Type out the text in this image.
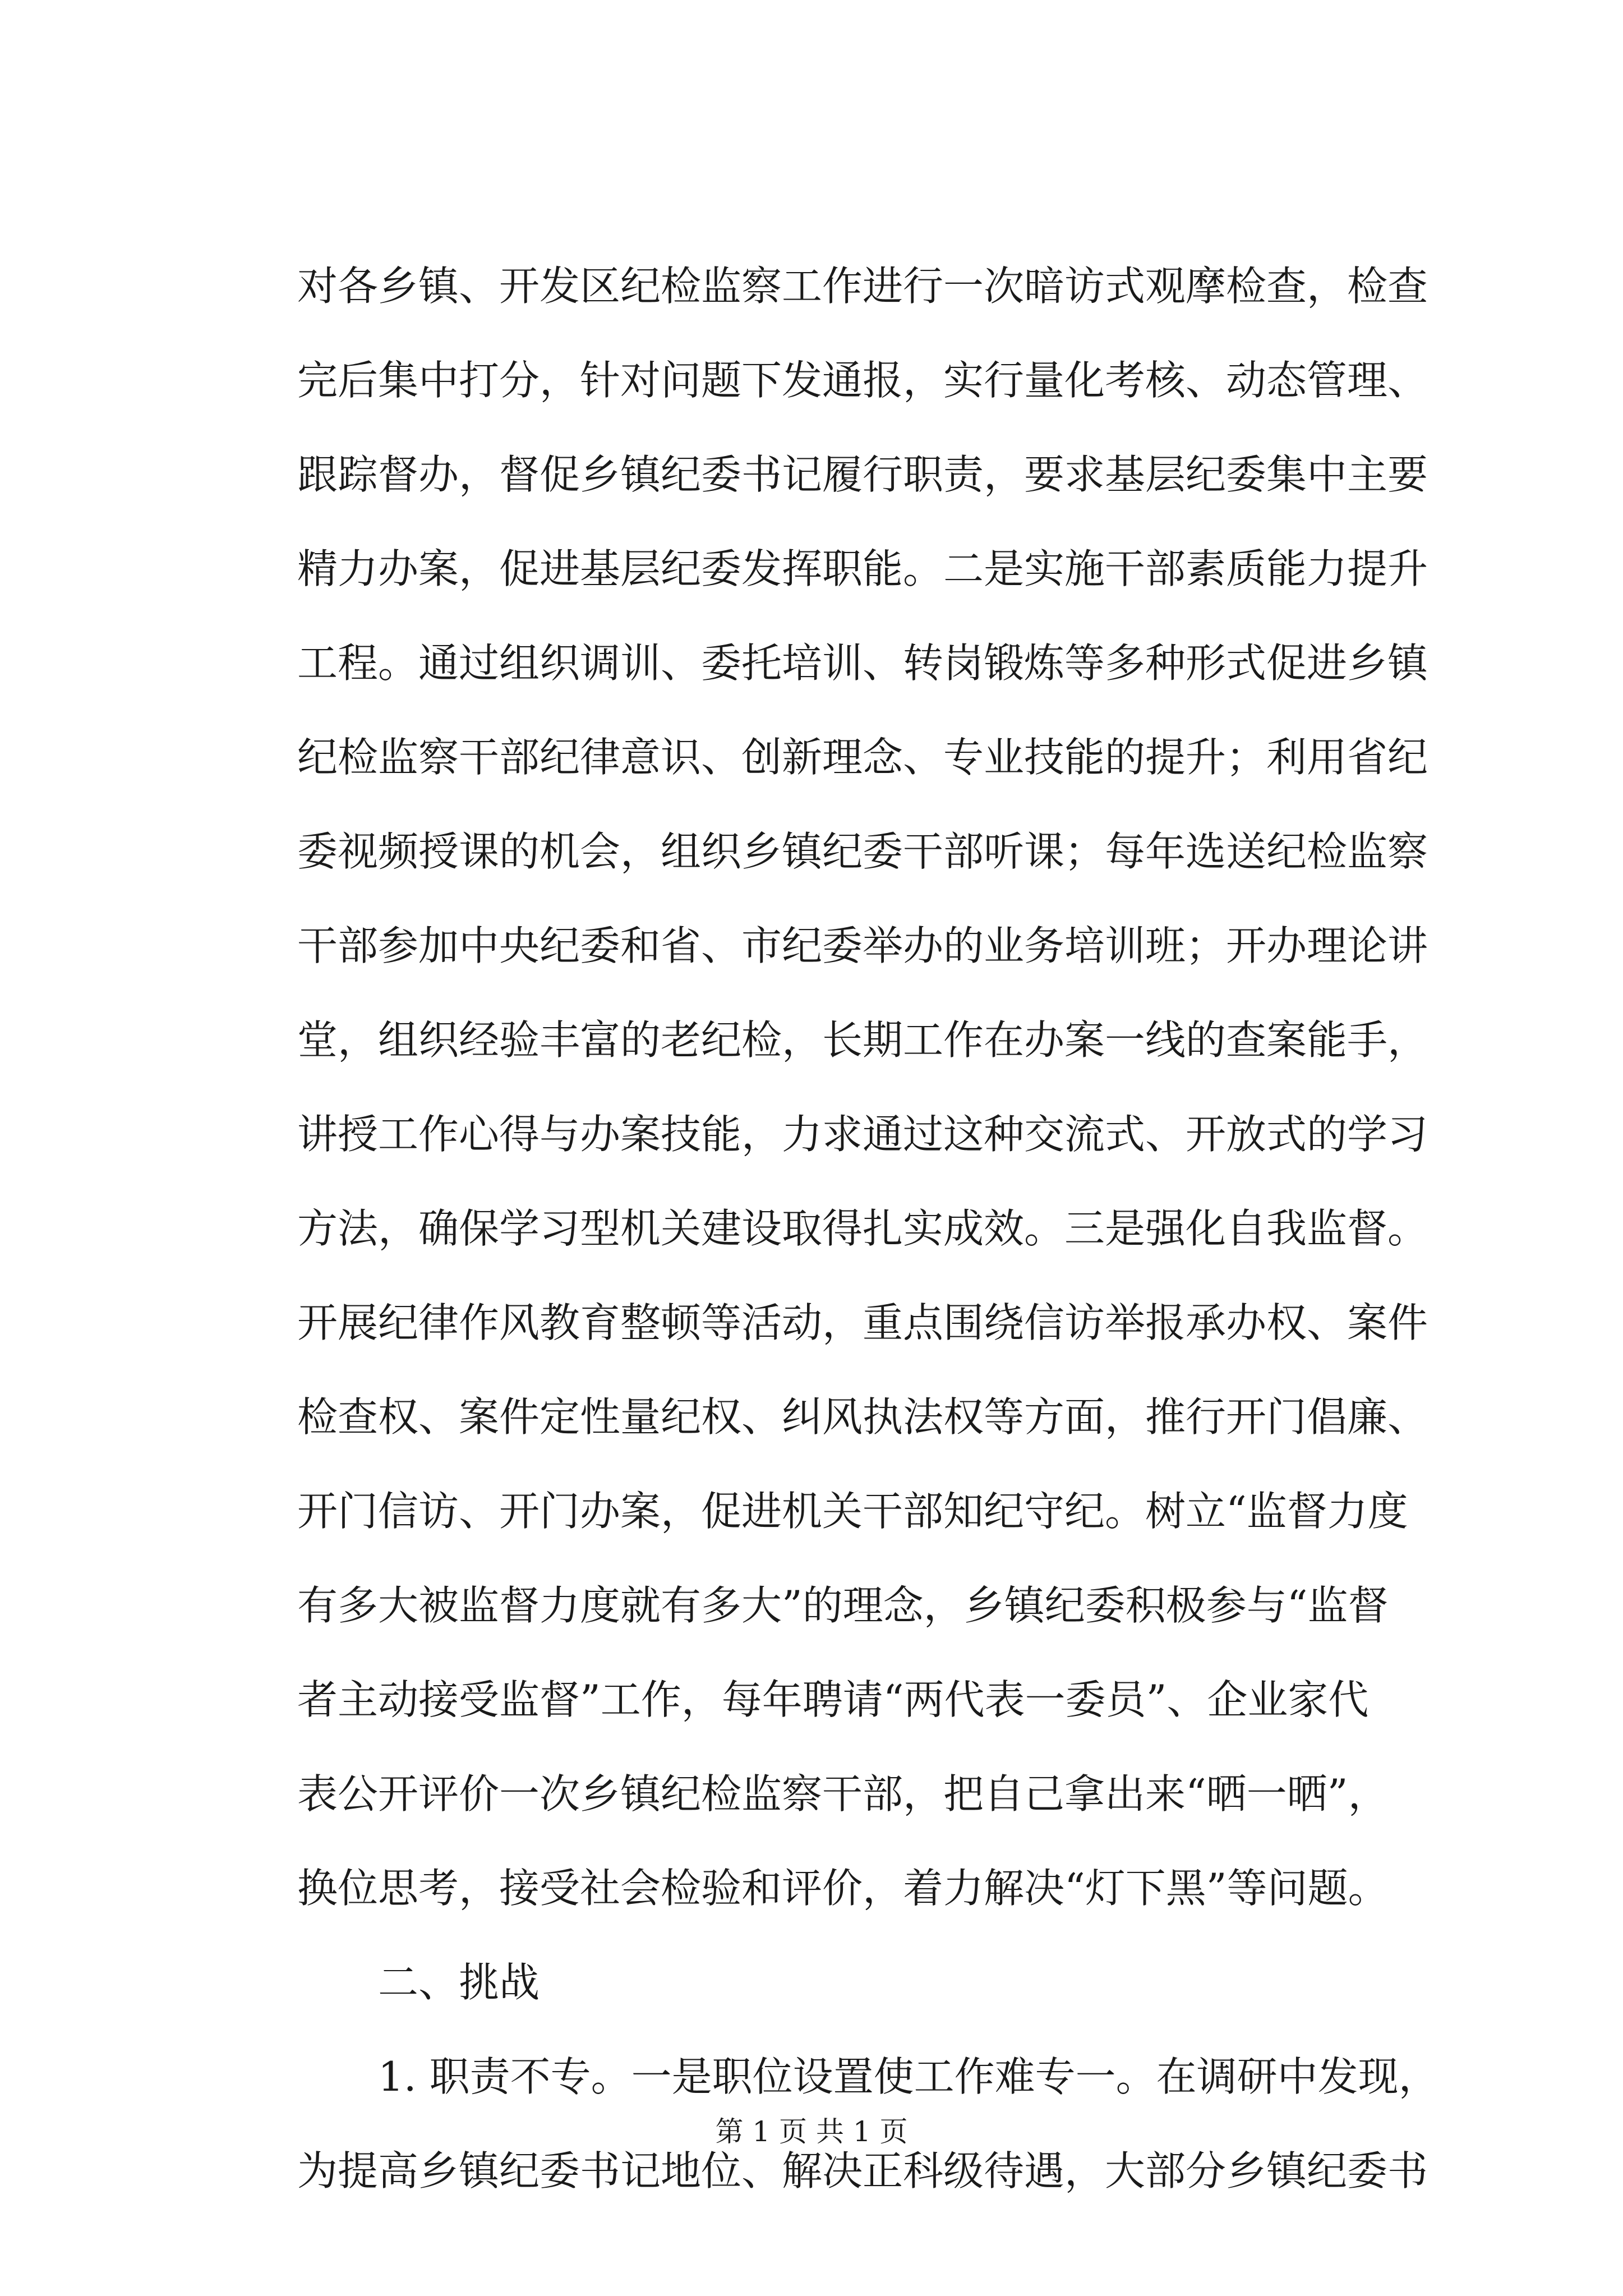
对各乡镇、开发区纪检监察工作进行一次暗访式观摩检查，检查
完后集中打分，针对问题下发通报，实行量化考核、动态管理、
跟踪督办，督促乡镇纪委书记履行职责，要求基层纪委集中主要
精力办案，促进基层纪委发挥职能。二是实施干部素质能力提升
工程。通过组织调训、委托培训、转岗锻炼等多种形式促进乡镇
纪检监察干部纪律意识、创新理念、专业技能的提升；利用省纪
委视频授课的机会，组织乡镇纪委干部听课；每年选送纪检监察
干部参加中央纪委和省、市纪委举办的业务培训班；开办理论讲
堂，组织经验丰富的老纪检，长期工作在办案一线的查案能手，
讲授工作心得与办案技能，力求通过这种交流式、开放式的学习
方法，确保学习型机关建设取得扎实成效。三是强化自我监督。
开展纪律作风教育整顿等活动，重点围绕信访举报承办权、案件
检查权、案件定性量纪权、纠风执法权等方面，推行开门倡廉、
开门信访、开门办案，促进机关干部知纪守纪。树立“监督力度
有多大被监督力度就有多大”的理念，乡镇纪委积极参与“监督
者主动接受监督”工作，每年聘请“两代表一委员”、企业家代
表公开评价一次乡镇纪检监察干部，把自己拿出来“晒一晒”，
换位思考，接受社会检验和评价，着力解决“灯下黑”等问题。
二、挑战
1. 职责不专。一是职位设置使工作难专一。在调研中发现，
为提高乡镇纪委书记地位、解决正科级待遇，大部分乡镇纪委书
第 1 页 共 1 页
